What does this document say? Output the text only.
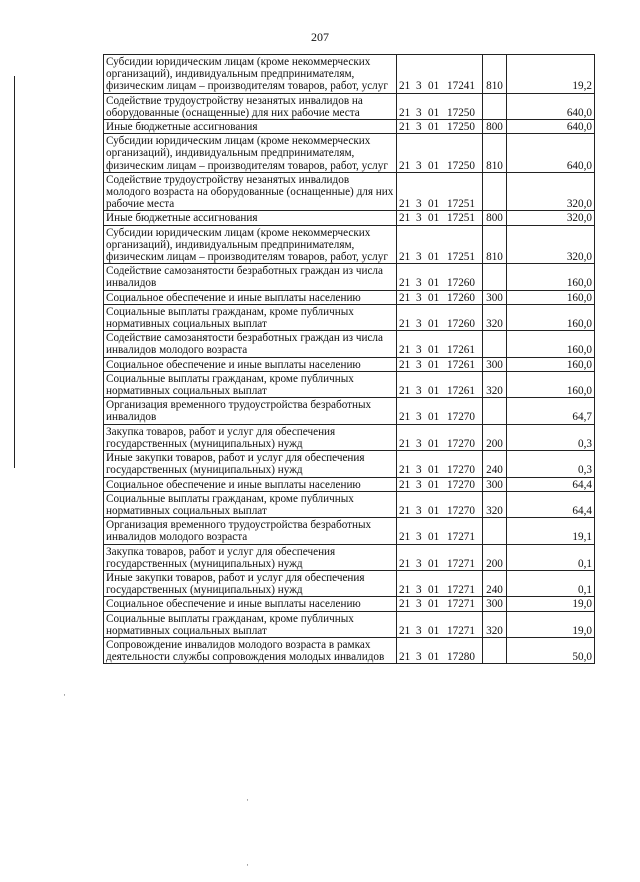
207
·
·
·
Субсидии юридическим лицам (кроме некоммерческих организаций), индивидуальным предпринимателям, физическим лицам – производителям товаров, работ, услуг	21 3 01 17241	810	19,2
Содействие трудоустройству незанятых инвалидов на оборудованные (оснащенные) для них рабочие места	21 3 01 17250		640,0
Иные бюджетные ассигнования	21 3 01 17250	800	640,0
Субсидии юридическим лицам (кроме некоммерческих организаций), индивидуальным предпринимателям, физическим лицам – производителям товаров, работ, услуг	21 3 01 17250	810	640,0
Содействие трудоустройству незанятых инвалидов молодого возраста на оборудованные (оснащенные) для них рабочие места	21 3 01 17251		320,0
Иные бюджетные ассигнования	21 3 01 17251	800	320,0
Субсидии юридическим лицам (кроме некоммерческих организаций), индивидуальным предпринимателям, физическим лицам – производителям товаров, работ, услуг	21 3 01 17251	810	320,0
Содействие самозанятости безработных граждан из числа инвалидов	21 3 01 17260		160,0
Социальное обеспечение и иные выплаты населению	21 3 01 17260	300	160,0
Социальные выплаты гражданам, кроме публичных нормативных социальных выплат	21 3 01 17260	320	160,0
Содействие самозанятости безработных граждан из числа инвалидов молодого возраста	21 3 01 17261		160,0
Социальное обеспечение и иные выплаты населению	21 3 01 17261	300	160,0
Социальные выплаты гражданам, кроме публичных нормативных социальных выплат	21 3 01 17261	320	160,0
Организация временного трудоустройства безработных инвалидов	21 3 01 17270		64,7
Закупка товаров, работ и услуг для обеспечения государственных (муниципальных) нужд	21 3 01 17270	200	0,3
Иные закупки товаров, работ и услуг для обеспечения государственных (муниципальных) нужд	21 3 01 17270	240	0,3
Социальное обеспечение и иные выплаты населению	21 3 01 17270	300	64,4
Социальные выплаты гражданам, кроме публичных нормативных социальных выплат	21 3 01 17270	320	64,4
Организация временного трудоустройства безработных инвалидов молодого возраста	21 3 01 17271		19,1
Закупка товаров, работ и услуг для обеспечения государственных (муниципальных) нужд	21 3 01 17271	200	0,1
Иные закупки товаров, работ и услуг для обеспечения государственных (муниципальных) нужд	21 3 01 17271	240	0,1
Социальное обеспечение и иные выплаты населению	21 3 01 17271	300	19,0
Социальные выплаты гражданам, кроме публичных нормативных социальных выплат	21 3 01 17271	320	19,0
Сопровождение инвалидов молодого возраста в рамках деятельности службы сопровождения молодых инвалидов	21 3 01 17280		50,0
